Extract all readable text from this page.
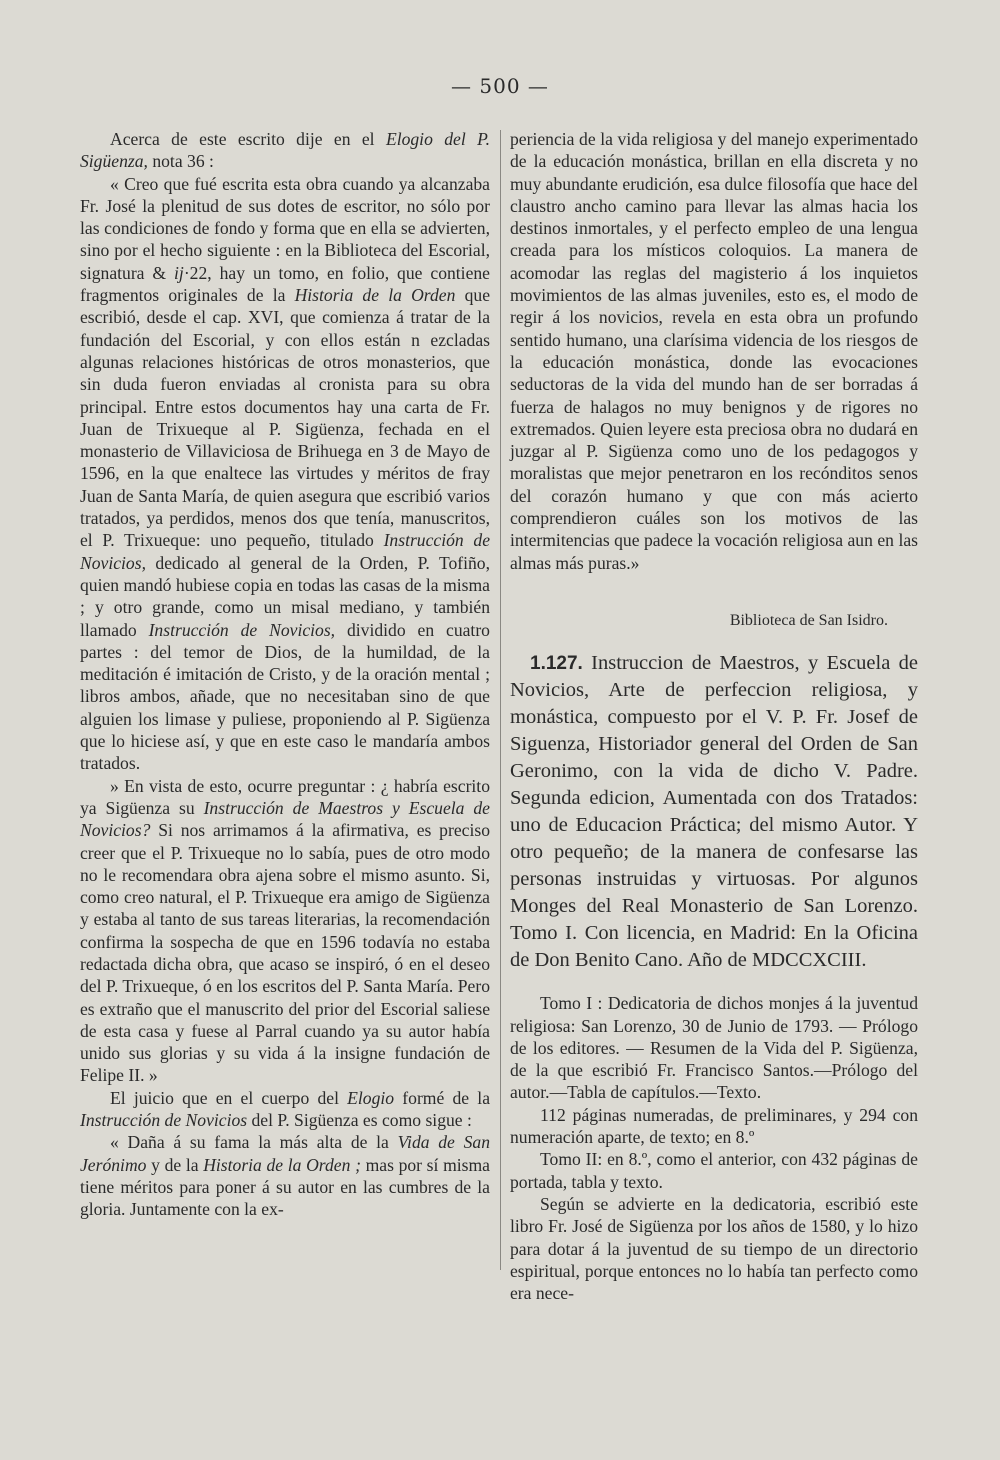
— 500 —

Acerca de este escrito dije en el Elogio del P. Sigüenza, nota 36 :

« Creo que fué escrita esta obra cuando ya alcanzaba Fr. José la plenitud de sus dotes de escritor, no sólo por las condiciones de fondo y forma que en ella se advierten, sino por el hecho siguiente : en la Biblioteca del Escorial, signatura & ij·22, hay un tomo, en folio, que contiene fragmentos originales de la Historia de la Orden que escribió, desde el cap. XVI, que comienza á tratar de la fundación del Escorial, y con ellos están n ezcladas algunas relaciones históricas de otros monasterios, que sin duda fueron enviadas al cronista para su obra principal. Entre estos documentos hay una carta de Fr. Juan de Trixueque al P. Sigüenza, fechada en el monasterio de Villaviciosa de Brihuega en 3 de Mayo de 1596, en la que enaltece las virtudes y méritos de fray Juan de Santa María, de quien asegura que escribió varios tratados, ya perdidos, menos dos que tenía, manuscritos, el P. Trixueque: uno pequeño, titulado Instrucción de Novicios, dedicado al general de la Orden, P. Tofiño, quien mandó hubiese copia en todas las casas de la misma ; y otro grande, como un misal mediano, y también llamado Instrucción de Novicios, dividido en cuatro partes : del temor de Dios, de la humildad, de la meditación é imitación de Cristo, y de la oración mental ; libros ambos, añade, que no necesitaban sino de que alguien los limase y puliese, proponiendo al P. Sigüenza que lo hiciese así, y que en este caso le mandaría ambos tratados.

» En vista de esto, ocurre preguntar : ¿ habría escrito ya Sigüenza su Instrucción de Maestros y Escuela de Novicios? Si nos arrimamos á la afirmativa, es preciso creer que el P. Trixueque no lo sabía, pues de otro modo no le recomendara obra ajena sobre el mismo asunto. Si, como creo natural, el P. Trixueque era amigo de Sigüenza y estaba al tanto de sus tareas literarias, la recomendación confirma la sospecha de que en 1596 todavía no estaba redactada dicha obra, que acaso se inspiró, ó en el deseo del P. Trixueque, ó en los escritos del P. Santa María. Pero es extraño que el manuscrito del prior del Escorial saliese de esta casa y fuese al Parral cuando ya su autor había unido sus glorias y su vida á la insigne fundación de Felipe II. »

El juicio que en el cuerpo del Elogio formé de la Instrucción de Novicios del P. Sigüenza es como sigue :

« Daña á su fama la más alta de la Vida de San Jerónimo y de la Historia de la Orden ; mas por sí misma tiene méritos para poner á su autor en las cumbres de la gloria. Juntamente con la ex-

periencia de la vida religiosa y del manejo experimentado de la educación monástica, brillan en ella discreta y no muy abundante erudición, esa dulce filosofía que hace del claustro ancho camino para llevar las almas hacia los destinos inmortales, y el perfecto empleo de una lengua creada para los místicos coloquios. La manera de acomodar las reglas del magisterio á los inquietos movimientos de las almas juveniles, esto es, el modo de regir á los novicios, revela en esta obra un profundo sentido humano, una clarísima videncia de los riesgos de la educación monástica, donde las evocaciones seductoras de la vida del mundo han de ser borradas á fuerza de halagos no muy benignos y de rigores no extremados. Quien leyere esta preciosa obra no dudará en juzgar al P. Sigüenza como uno de los pedagogos y moralistas que mejor penetraron en los recónditos senos del corazón humano y que con más acierto comprendieron cuáles son los motivos de las intermitencias que padece la vocación religiosa aun en las almas más puras.»

Biblioteca de San Isidro.
1.127. Instruccion de Maestros, y Escuela de Novicios, Arte de perfeccion religiosa, y monástica, compuesto por el V. P. Fr. Josef de Siguenza, Historiador general del Orden de San Geronimo, con la vida de dicho V. Padre. Segunda edicion, Aumentada con dos Tratados: uno de Educacion Práctica; del mismo Autor. Y otro pequeño; de la manera de confesarse las personas instruidas y virtuosas. Por algunos Monges del Real Monasterio de San Lorenzo. Tomo I. Con licencia, en Madrid: En la Oficina de Don Benito Cano. Año de MDCCXCIII.

Tomo I : Dedicatoria de dichos monjes á la juventud religiosa: San Lorenzo, 30 de Junio de 1793. — Prólogo de los editores. — Resumen de la Vida del P. Sigüenza, de la que escribió Fr. Francisco Santos.—Prólogo del autor.—Tabla de capítulos.—Texto.

112 páginas numeradas, de preliminares, y 294 con numeración aparte, de texto; en 8.º

Tomo II: en 8.º, como el anterior, con 432 páginas de portada, tabla y texto.

Según se advierte en la dedicatoria, escribió este libro Fr. José de Sigüenza por los años de 1580, y lo hizo para dotar á la juventud de su tiempo de un directorio espiritual, porque entonces no lo había tan perfecto como era nece-
